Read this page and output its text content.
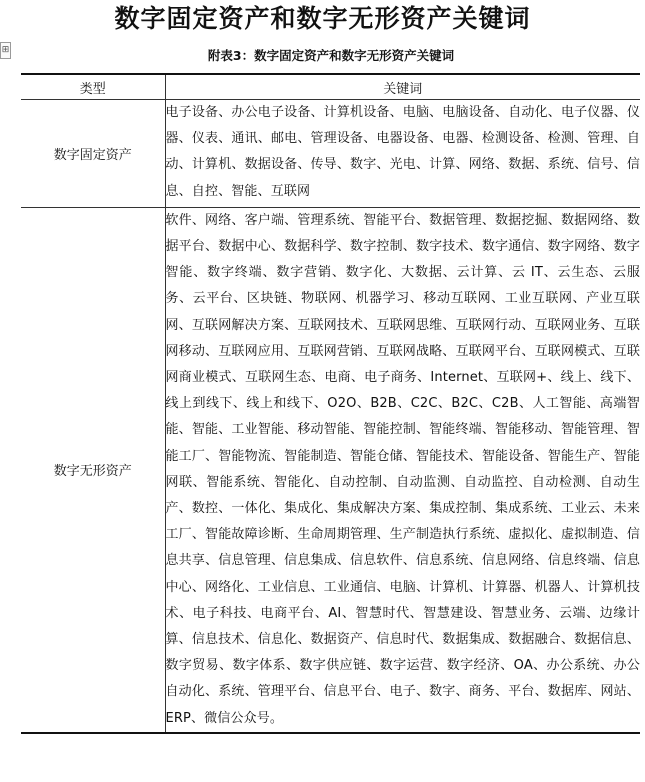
数字固定资产和数字无形资产关键词
⊞	附表3：数字固定资产和数字无形资产关键词
类型	关键词
数字固定资产	电子设备、办公电子设备、计算机设备、电脑、电脑设备、自动化、电子仪器、仪器、仪表、通讯、邮电、管理设备、电器设备、电器、检测设备、检测、管理、自动、计算机、数据设备、传导、数字、光电、计算、网络、数据、系统、信号、信息、自控、智能、互联网
数字无形资产	软件、网络、客户端、管理系统、智能平台、数据管理、数据挖掘、数据网络、数据平台、数据中心、数据科学、数字控制、数字技术、数字通信、数字网络、数字智能、数字终端、数字营销、数字化、大数据、云计算、云 IT、云生态、云服务、云平台、区块链、物联网、机器学习、移动互联网、工业互联网、产业互联网、互联网解决方案、互联网技术、互联网思维、互联网行动、互联网业务、互联网移动、互联网应用、互联网营销、互联网战略、互联网平台、互联网模式、互联网商业模式、互联网生态、电商、电子商务、Internet、互联网+、线上、线下、线上到线下、线上和线下、O2O、B2B、C2C、B2C、C2B、人工智能、高端智能、智能、工业智能、移动智能、智能控制、智能终端、智能移动、智能管理、智能工厂、智能物流、智能制造、智能仓储、智能技术、智能设备、智能生产、智能网联、智能系统、智能化、自动控制、自动监测、自动监控、自动检测、自动生产、数控、一体化、集成化、集成解决方案、集成控制、集成系统、工业云、未来工厂、智能故障诊断、生命周期管理、生产制造执行系统、虚拟化、虚拟制造、信息共享、信息管理、信息集成、信息软件、信息系统、信息网络、信息终端、信息中心、网络化、工业信息、工业通信、电脑、计算机、计算器、机器人、计算机技术、电子科技、电商平台、AI、智慧时代、智慧建设、智慧业务、云端、边缘计算、信息技术、信息化、数据资产、信息时代、数据集成、数据融合、数据信息、数字贸易、数字体系、数字供应链、数字运营、数字经济、OA、办公系统、办公自动化、系统、管理平台、信息平台、电子、数字、商务、平台、数据库、网站、ERP、微信公众号。
